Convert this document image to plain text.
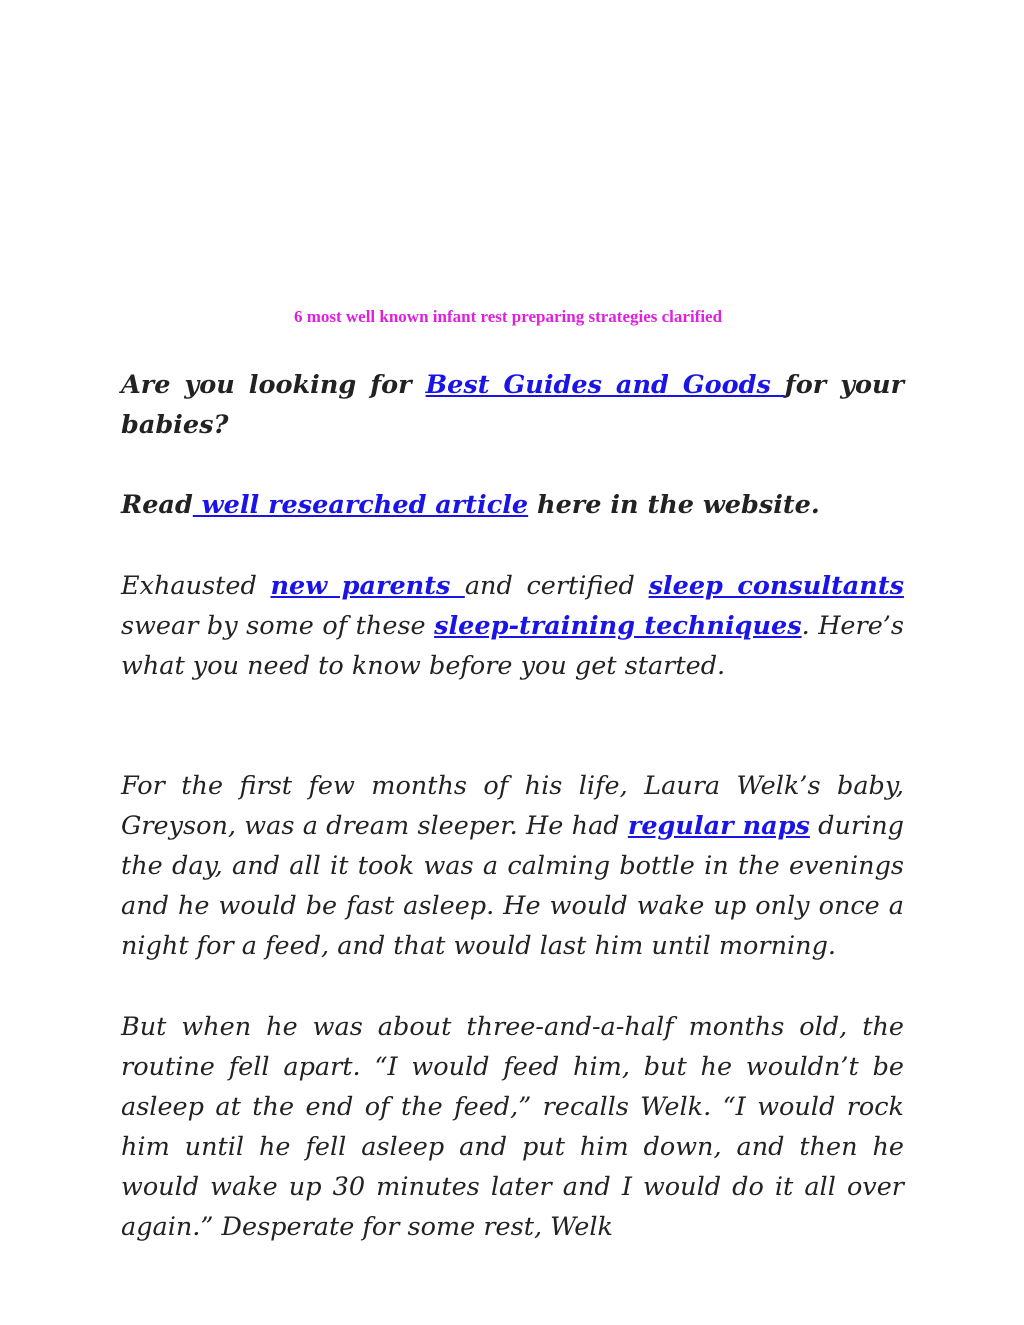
6 most well known infant rest preparing strategies clarified

Are you looking for Best Guides and Goods for your babies?

Read well researched article here in the website.

Exhausted new parents and certified sleep consultants swear by some of these sleep-training techniques. Here’s what you need to know before you get started.

For the first few months of his life, Laura Welk’s baby, Greyson, was a dream sleeper. He had regular naps during the day, and all it took was a calming bottle in the evenings and he would be fast asleep. He would wake up only once a night for a feed, and that would last him until morning.

But when he was about three-and-a-half months old, the routine fell apart. “I would feed him, but he wouldn’t be asleep at the end of the feed,” recalls Welk. “I would rock him until he fell asleep and put him down, and then he would wake up 30 minutes later and I would do it all over again.” Desperate for some rest, Welk
